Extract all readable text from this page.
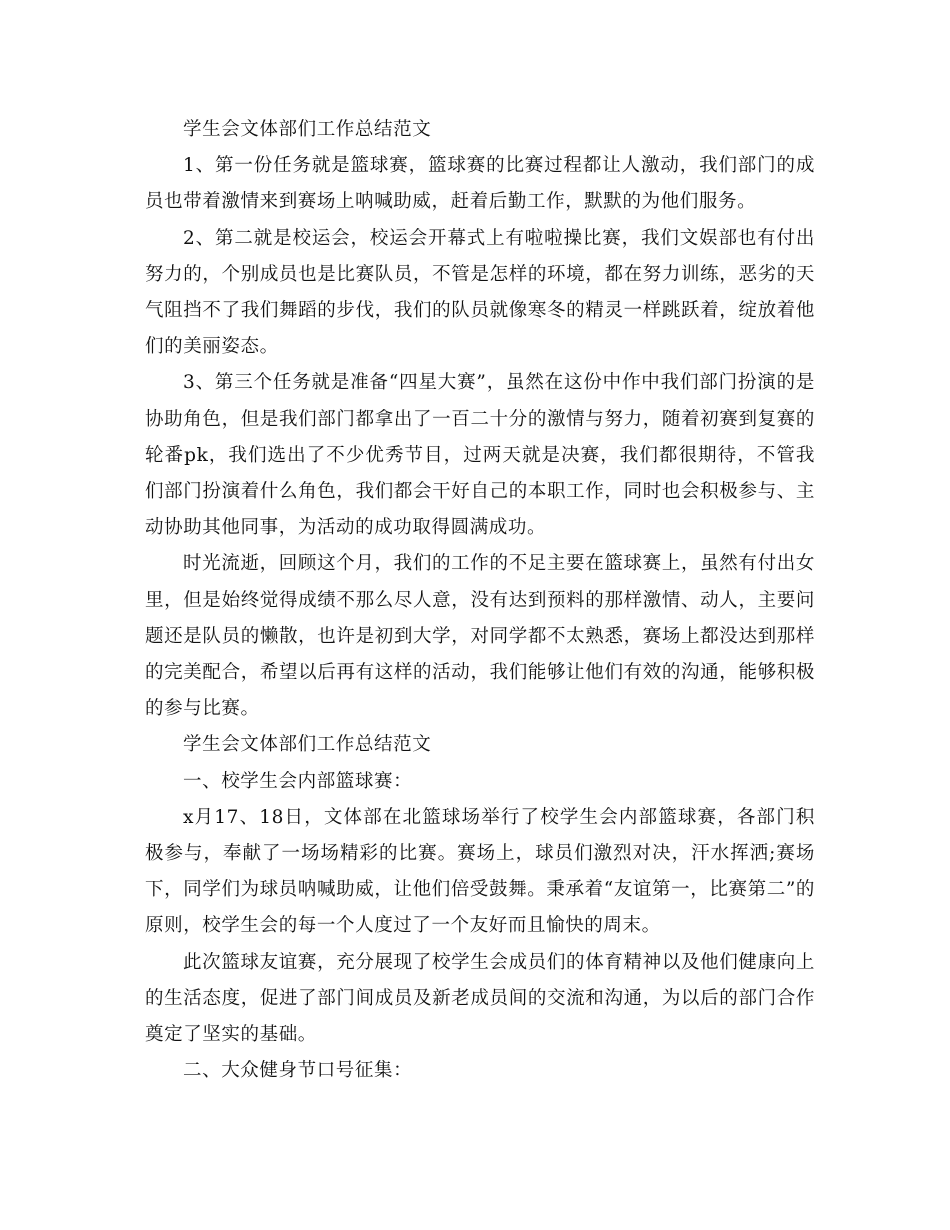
学生会文体部们工作总结范文

1、第一份任务就是篮球赛，篮球赛的比赛过程都让人激动，我们部门的成员也带着激情来到赛场上呐喊助威，赶着后勤工作，默默的为他们服务。

2、第二就是校运会，校运会开幕式上有啦啦操比赛，我们文娱部也有付出努力的，个别成员也是比赛队员，不管是怎样的环境，都在努力训练，恶劣的天气阻挡不了我们舞蹈的步伐，我们的队员就像寒冬的精灵一样跳跃着，绽放着他们的美丽姿态。

3、第三个任务就是准备“四星大赛”，虽然在这份中作中我们部门扮演的是协助角色，但是我们部门都拿出了一百二十分的激情与努力，随着初赛到复赛的轮番pk，我们选出了不少优秀节目，过两天就是决赛，我们都很期待，不管我们部门扮演着什么角色，我们都会干好自己的本职工作，同时也会积极参与、主动协助其他同事，为活动的成功取得圆满成功。

时光流逝，回顾这个月，我们的工作的不足主要在篮球赛上，虽然有付出女里，但是始终觉得成绩不那么尽人意，没有达到预料的那样激情、动人，主要问题还是队员的懒散，也许是初到大学，对同学都不太熟悉，赛场上都没达到那样的完美配合，希望以后再有这样的活动，我们能够让他们有效的沟通，能够积极的参与比赛。

学生会文体部们工作总结范文

一、校学生会内部篮球赛：

x月17、18日，文体部在北篮球场举行了校学生会内部篮球赛，各部门积极参与，奉献了一场场精彩的比赛。赛场上，球员们激烈对决，汗水挥洒;赛场下，同学们为球员呐喊助威，让他们倍受鼓舞。秉承着“友谊第一，比赛第二”的原则，校学生会的每一个人度过了一个友好而且愉快的周末。

此次篮球友谊赛，充分展现了校学生会成员们的体育精神以及他们健康向上的生活态度，促进了部门间成员及新老成员间的交流和沟通，为以后的部门合作奠定了坚实的基础。

二、大众健身节口号征集：
